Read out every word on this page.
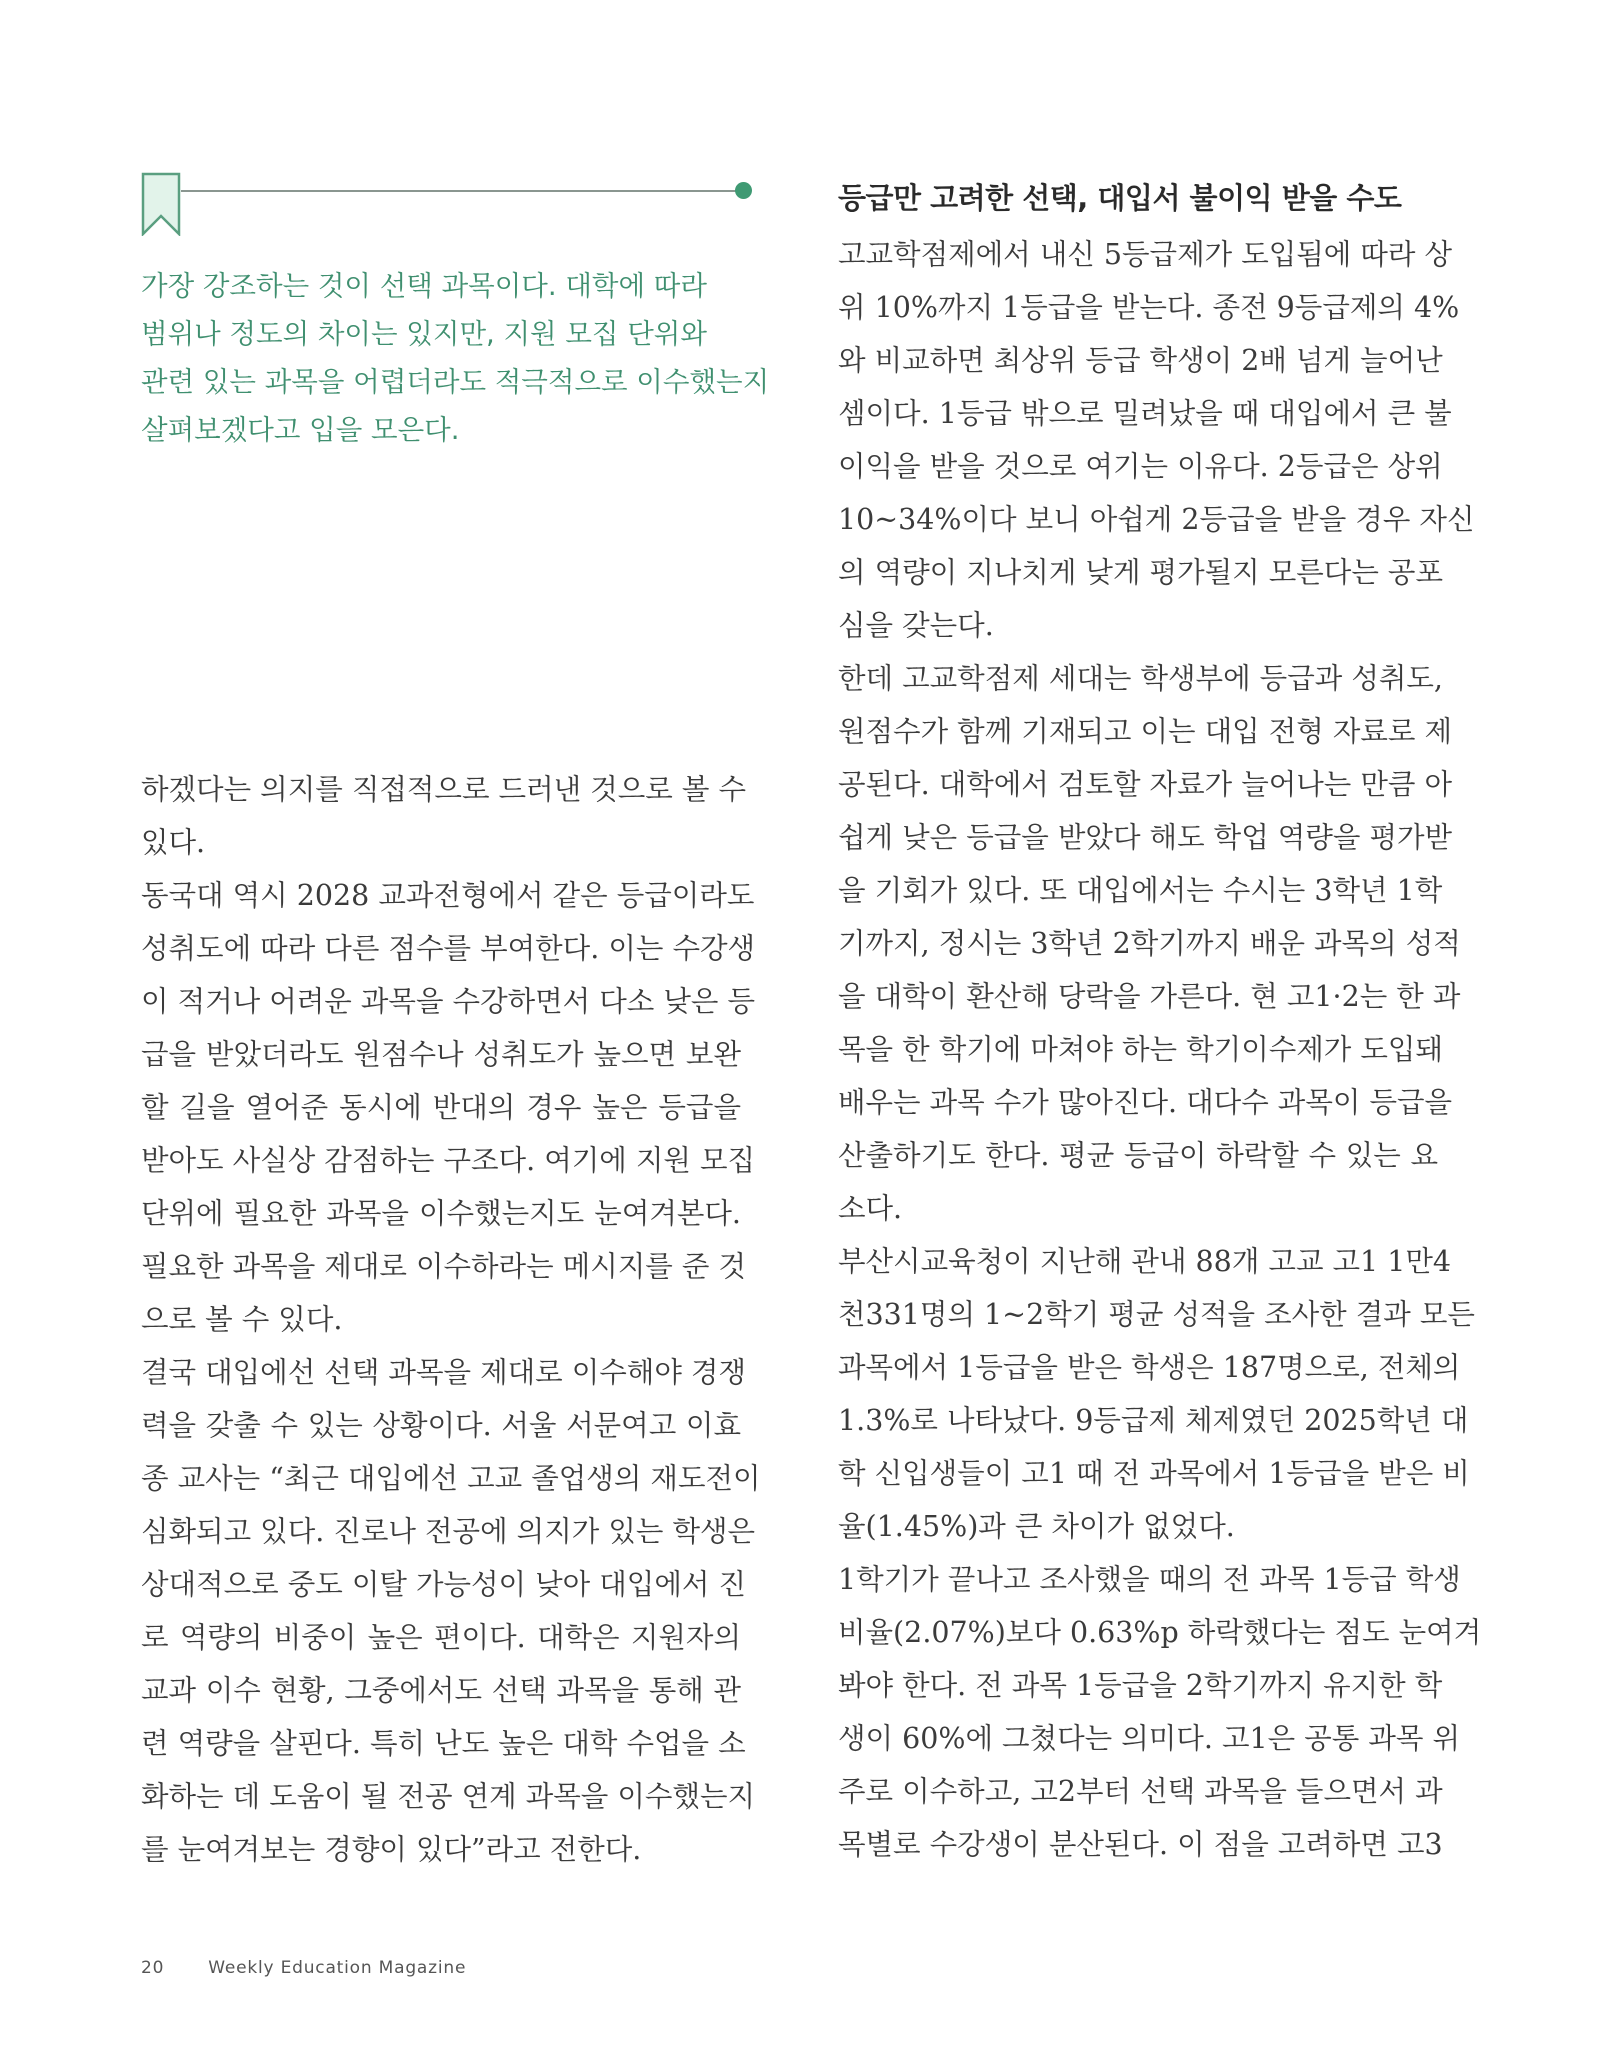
가장 강조하는 것이 선택 과목이다. 대학에 따라
범위나 정도의 차이는 있지만, 지원 모집 단위와
관련 있는 과목을 어렵더라도 적극적으로 이수했는지
살펴보겠다고 입을 모은다.
하겠다는 의지를 직접적으로 드러낸 것으로 볼 수
있다.
동국대 역시 2028 교과전형에서 같은 등급이라도
성취도에 따라 다른 점수를 부여한다. 이는 수강생
이 적거나 어려운 과목을 수강하면서 다소 낮은 등
급을 받았더라도 원점수나 성취도가 높으면 보완
할 길을 열어준 동시에 반대의 경우 높은 등급을
받아도 사실상 감점하는 구조다. 여기에 지원 모집
단위에 필요한 과목을 이수했는지도 눈여겨본다.
필요한 과목을 제대로 이수하라는 메시지를 준 것
으로 볼 수 있다.
결국 대입에선 선택 과목을 제대로 이수해야 경쟁
력을 갖출 수 있는 상황이다. 서울 서문여고 이효
종 교사는 “최근 대입에선 고교 졸업생의 재도전이
심화되고 있다. 진로나 전공에 의지가 있는 학생은
상대적으로 중도 이탈 가능성이 낮아 대입에서 진
로 역량의 비중이 높은 편이다. 대학은 지원자의
교과 이수 현황, 그중에서도 선택 과목을 통해 관
련 역량을 살핀다. 특히 난도 높은 대학 수업을 소
화하는 데 도움이 될 전공 연계 과목을 이수했는지
를 눈여겨보는 경향이 있다”라고 전한다.
등급만 고려한 선택, 대입서 불이익 받을 수도
고교학점제에서 내신 5등급제가 도입됨에 따라 상
위 10%까지 1등급을 받는다. 종전 9등급제의 4%
와 비교하면 최상위 등급 학생이 2배 넘게 늘어난
셈이다. 1등급 밖으로 밀려났을 때 대입에서 큰 불
이익을 받을 것으로 여기는 이유다. 2등급은 상위
10~34%이다 보니 아쉽게 2등급을 받을 경우 자신
의 역량이 지나치게 낮게 평가될지 모른다는 공포
심을 갖는다.
한데 고교학점제 세대는 학생부에 등급과 성취도,
원점수가 함께 기재되고 이는 대입 전형 자료로 제
공된다. 대학에서 검토할 자료가 늘어나는 만큼 아
쉽게 낮은 등급을 받았다 해도 학업 역량을 평가받
을 기회가 있다. 또 대입에서는 수시는 3학년 1학
기까지, 정시는 3학년 2학기까지 배운 과목의 성적
을 대학이 환산해 당락을 가른다. 현 고1·2는 한 과
목을 한 학기에 마쳐야 하는 학기이수제가 도입돼
배우는 과목 수가 많아진다. 대다수 과목이 등급을
산출하기도 한다. 평균 등급이 하락할 수 있는 요
소다.
부산시교육청이 지난해 관내 88개 고교 고1 1만4
천331명의 1~2학기 평균 성적을 조사한 결과 모든
과목에서 1등급을 받은 학생은 187명으로, 전체의
1.3%로 나타났다. 9등급제 체제였던 2025학년 대
학 신입생들이 고1 때 전 과목에서 1등급을 받은 비
율(1.45%)과 큰 차이가 없었다.
1학기가 끝나고 조사했을 때의 전 과목 1등급 학생
비율(2.07%)보다 0.63%p 하락했다는 점도 눈여겨
봐야 한다. 전 과목 1등급을 2학기까지 유지한 학
생이 60%에 그쳤다는 의미다. 고1은 공통 과목 위
주로 이수하고, 고2부터 선택 과목을 들으면서 과
목별로 수강생이 분산된다. 이 점을 고려하면 고3
20	Weekly Education Magazine
